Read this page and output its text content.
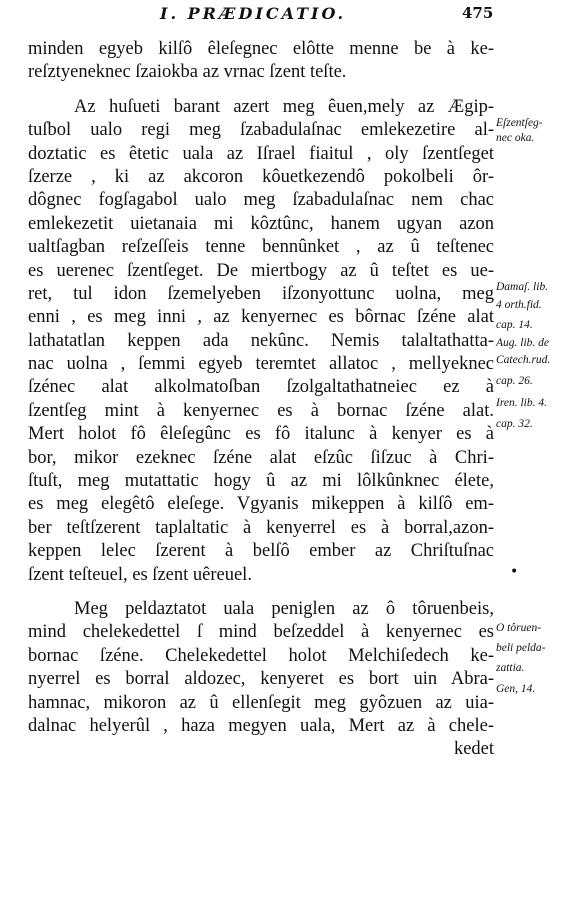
I. PRÆDICATIO.	475
minden egyeb kilſô êleſegnec elôtte menne be à ke-
reſztyeneknec ſzaiokba az vrnac ſzent teſte.
Az huſueti barant azert meg êuen,mely az Ægip-
tuſbol ualo regi meg ſzabadulaſnac emlekezetire al-
doztatic es êtetic uala az Iſrael fiaitul , oly ſzentſeget
ſzerze , ki az akcoron kôuetkezendô pokolbeli ôr-
dôgnec fogſagabol ualo meg ſzabadulaſnac nem chac
emlekezetit uietanaia mi kôztûnc, hanem ugyan azon
ualtſagban reſzeſſeis tenne bennûnket , az û teſtenec
es uerenec ſzentſeget. De miertbogy az û teſtet es ue-
ret, tul idon ſzemelyeben iſzonyottunc uolna, meg
enni , es meg inni , az kenyernec es bôrnac ſzéne alat
lathatatlan keppen ada nekûnc. Nemis talaltathatta-
nac uolna , ſemmi egyeb teremtet allatoc , mellyeknec
ſzénec alat alkolmatoſban ſzolgaltathatneiec ez à
ſzentſeg mint à kenyernec es à bornac ſzéne alat.
Mert holot fô êleſegûnc es fô italunc à kenyer es à
bor, mikor ezeknec ſzéne alat eſzûc ſiſzuc à Chri-
ſtuſt, meg mutattatic hogy û az mi lôlkûnknec élete,
es meg elegêtô eleſege. Vgyanis mikeppen à kilſô em-
ber teſtſzerent taplaltatic à kenyerrel es à borral,azon-
keppen lelec ſzerent à belſô ember az Chriſtuſnac
ſzent teſteuel, es ſzent uêreuel.
Meg peldaztatot uala peniglen az ô tôruenbeis,
mind chelekedettel ſ mind beſzeddel à kenyernec es
bornac ſzéne. Chelekedettel holot Melchiſedech ke-
nyerrel es borral aldozec, kenyeret es bort uin Abra-
hamnac, mikoron az û ellenſegit meg gyôzuen az uia-
dalnac helyerûl , haza megyen uala, Mert az à chele-
kedet
Eſzentſeg-
nec oka.
Damaſ. lib.
4 orth.fid.
cap. 14.
Aug. lib. de
Catech.rud.
cap. 26.
Iren. lib. 4.
cap. 32.
O tôruen-
beli pelda-
zattia.
Gen, 14.
•
